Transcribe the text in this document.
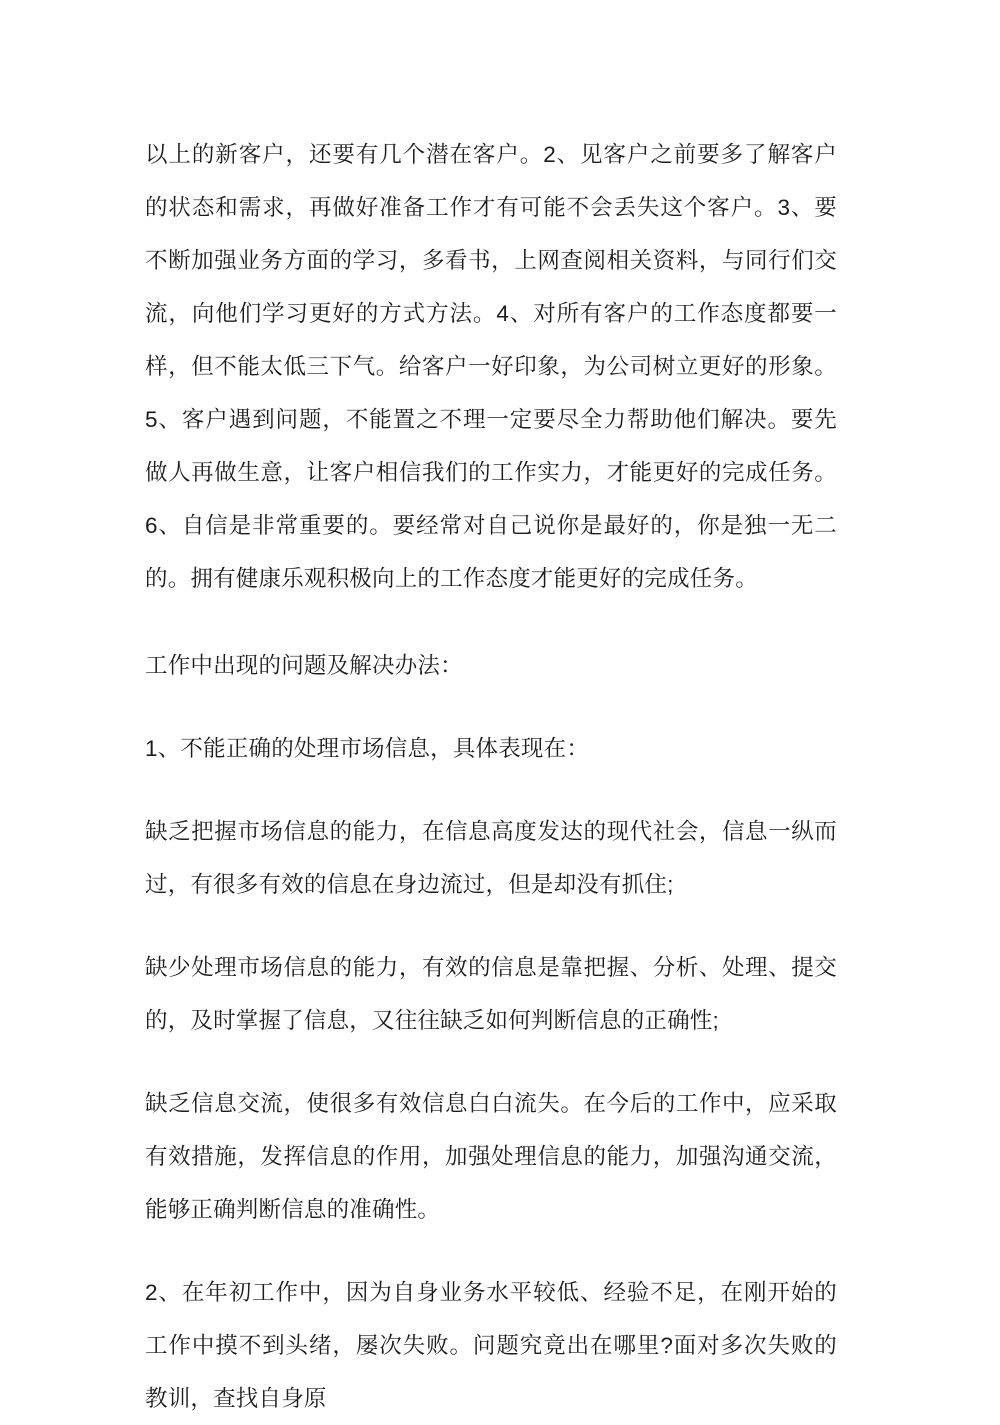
以上的新客户，还要有几个潜在客户。2、见客户之前要多了解客户的状态和需求，再做好准备工作才有可能不会丢失这个客户。3、要不断加强业务方面的学习，多看书，上网查阅相关资料，与同行们交流，向他们学习更好的方式方法。4、对所有客户的工作态度都要一样，但不能太低三下气。给客户一好印象，为公司树立更好的形象。5、客户遇到问题，不能置之不理一定要尽全力帮助他们解决。要先做人再做生意，让客户相信我们的工作实力，才能更好的完成任务。6、自信是非常重要的。要经常对自己说你是最好的，你是独一无二的。拥有健康乐观积极向上的工作态度才能更好的完成任务。

工作中出现的问题及解决办法：

1、不能正确的处理市场信息，具体表现在：

缺乏把握市场信息的能力，在信息高度发达的现代社会，信息一纵而过，有很多有效的信息在身边流过，但是却没有抓住;

缺少处理市场信息的能力，有效的信息是靠把握、分析、处理、提交的，及时掌握了信息，又往往缺乏如何判断信息的正确性;

缺乏信息交流，使很多有效信息白白流失。在今后的工作中，应采取有效措施，发挥信息的作用，加强处理信息的能力，加强沟通交流，能够正确判断信息的准确性。

2、在年初工作中，因为自身业务水平较低、经验不足，在刚开始的工作中摸不到头绪，屡次失败。问题究竟出在哪里?面对多次失败的教训，查找自身原
